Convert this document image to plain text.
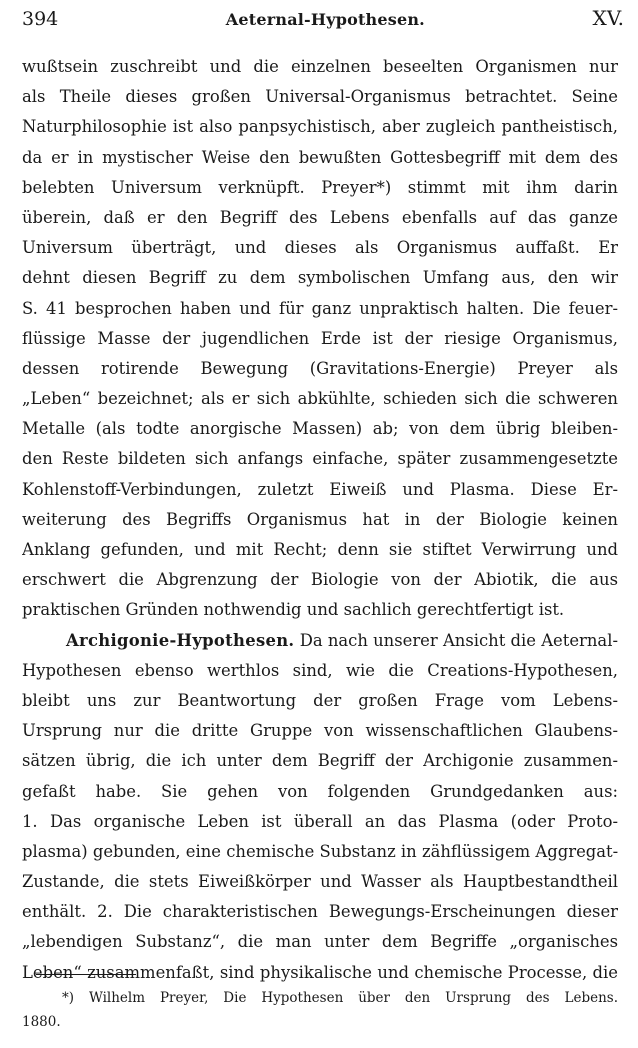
394	Aeternal-Hypothesen.	XV.
wußtsein zuschreibt und die einzelnen beseelten Organismen nur
als Theile dieses großen Universal-Organismus betrachtet. Seine
Naturphilosophie ist also panpsychistisch, aber zugleich pantheistisch,
da er in mystischer Weise den bewußten Gottesbegriff mit dem des
belebten Universum verknüpft. Preyer*) stimmt mit ihm darin
überein, daß er den Begriff des Lebens ebenfalls auf das ganze
Universum überträgt, und dieses als Organismus auffaßt. Er
dehnt diesen Begriff zu dem symbolischen Umfang aus, den wir
S. 41 besprochen haben und für ganz unpraktisch halten. Die feuer-
flüssige Masse der jugendlichen Erde ist der riesige Organismus,
dessen rotirende Bewegung (Gravitations-Energie) Preyer als
„Leben“ bezeichnet; als er sich abkühlte, schieden sich die schweren
Metalle (als todte anorgische Massen) ab; von dem übrig bleiben-
den Reste bildeten sich anfangs einfache, später zusammengesetzte
Kohlenstoff-Verbindungen, zuletzt Eiweiß und Plasma. Diese Er-
weiterung des Begriffs Organismus hat in der Biologie keinen
Anklang gefunden, und mit Recht; denn sie stiftet Verwirrung und
erschwert die Abgrenzung der Biologie von der Abiotik, die aus
praktischen Gründen nothwendig und sachlich gerechtfertigt ist.
Archigonie-Hypothesen. Da nach unserer Ansicht die Aeternal-
Hypothesen ebenso werthlos sind, wie die Creations-Hypothesen,
bleibt uns zur Beantwortung der großen Frage vom Lebens-
Ursprung nur die dritte Gruppe von wissenschaftlichen Glaubens-
sätzen übrig, die ich unter dem Begriff der Archigonie zusammen-
gefaßt habe. Sie gehen von folgenden Grundgedanken aus:
1. Das organische Leben ist überall an das Plasma (oder Proto-
plasma) gebunden, eine chemische Substanz in zähflüssigem Aggregat-
Zustande, die stets Eiweißkörper und Wasser als Hauptbestandtheil
enthält. 2. Die charakteristischen Bewegungs-Erscheinungen dieser
„lebendigen Substanz“, die man unter dem Begriffe „organisches
Leben“ zusammenfaßt, sind physikalische und chemische Processe, die
*) Wilhelm Preyer, Die Hypothesen über den Ursprung des Lebens.
1880.
